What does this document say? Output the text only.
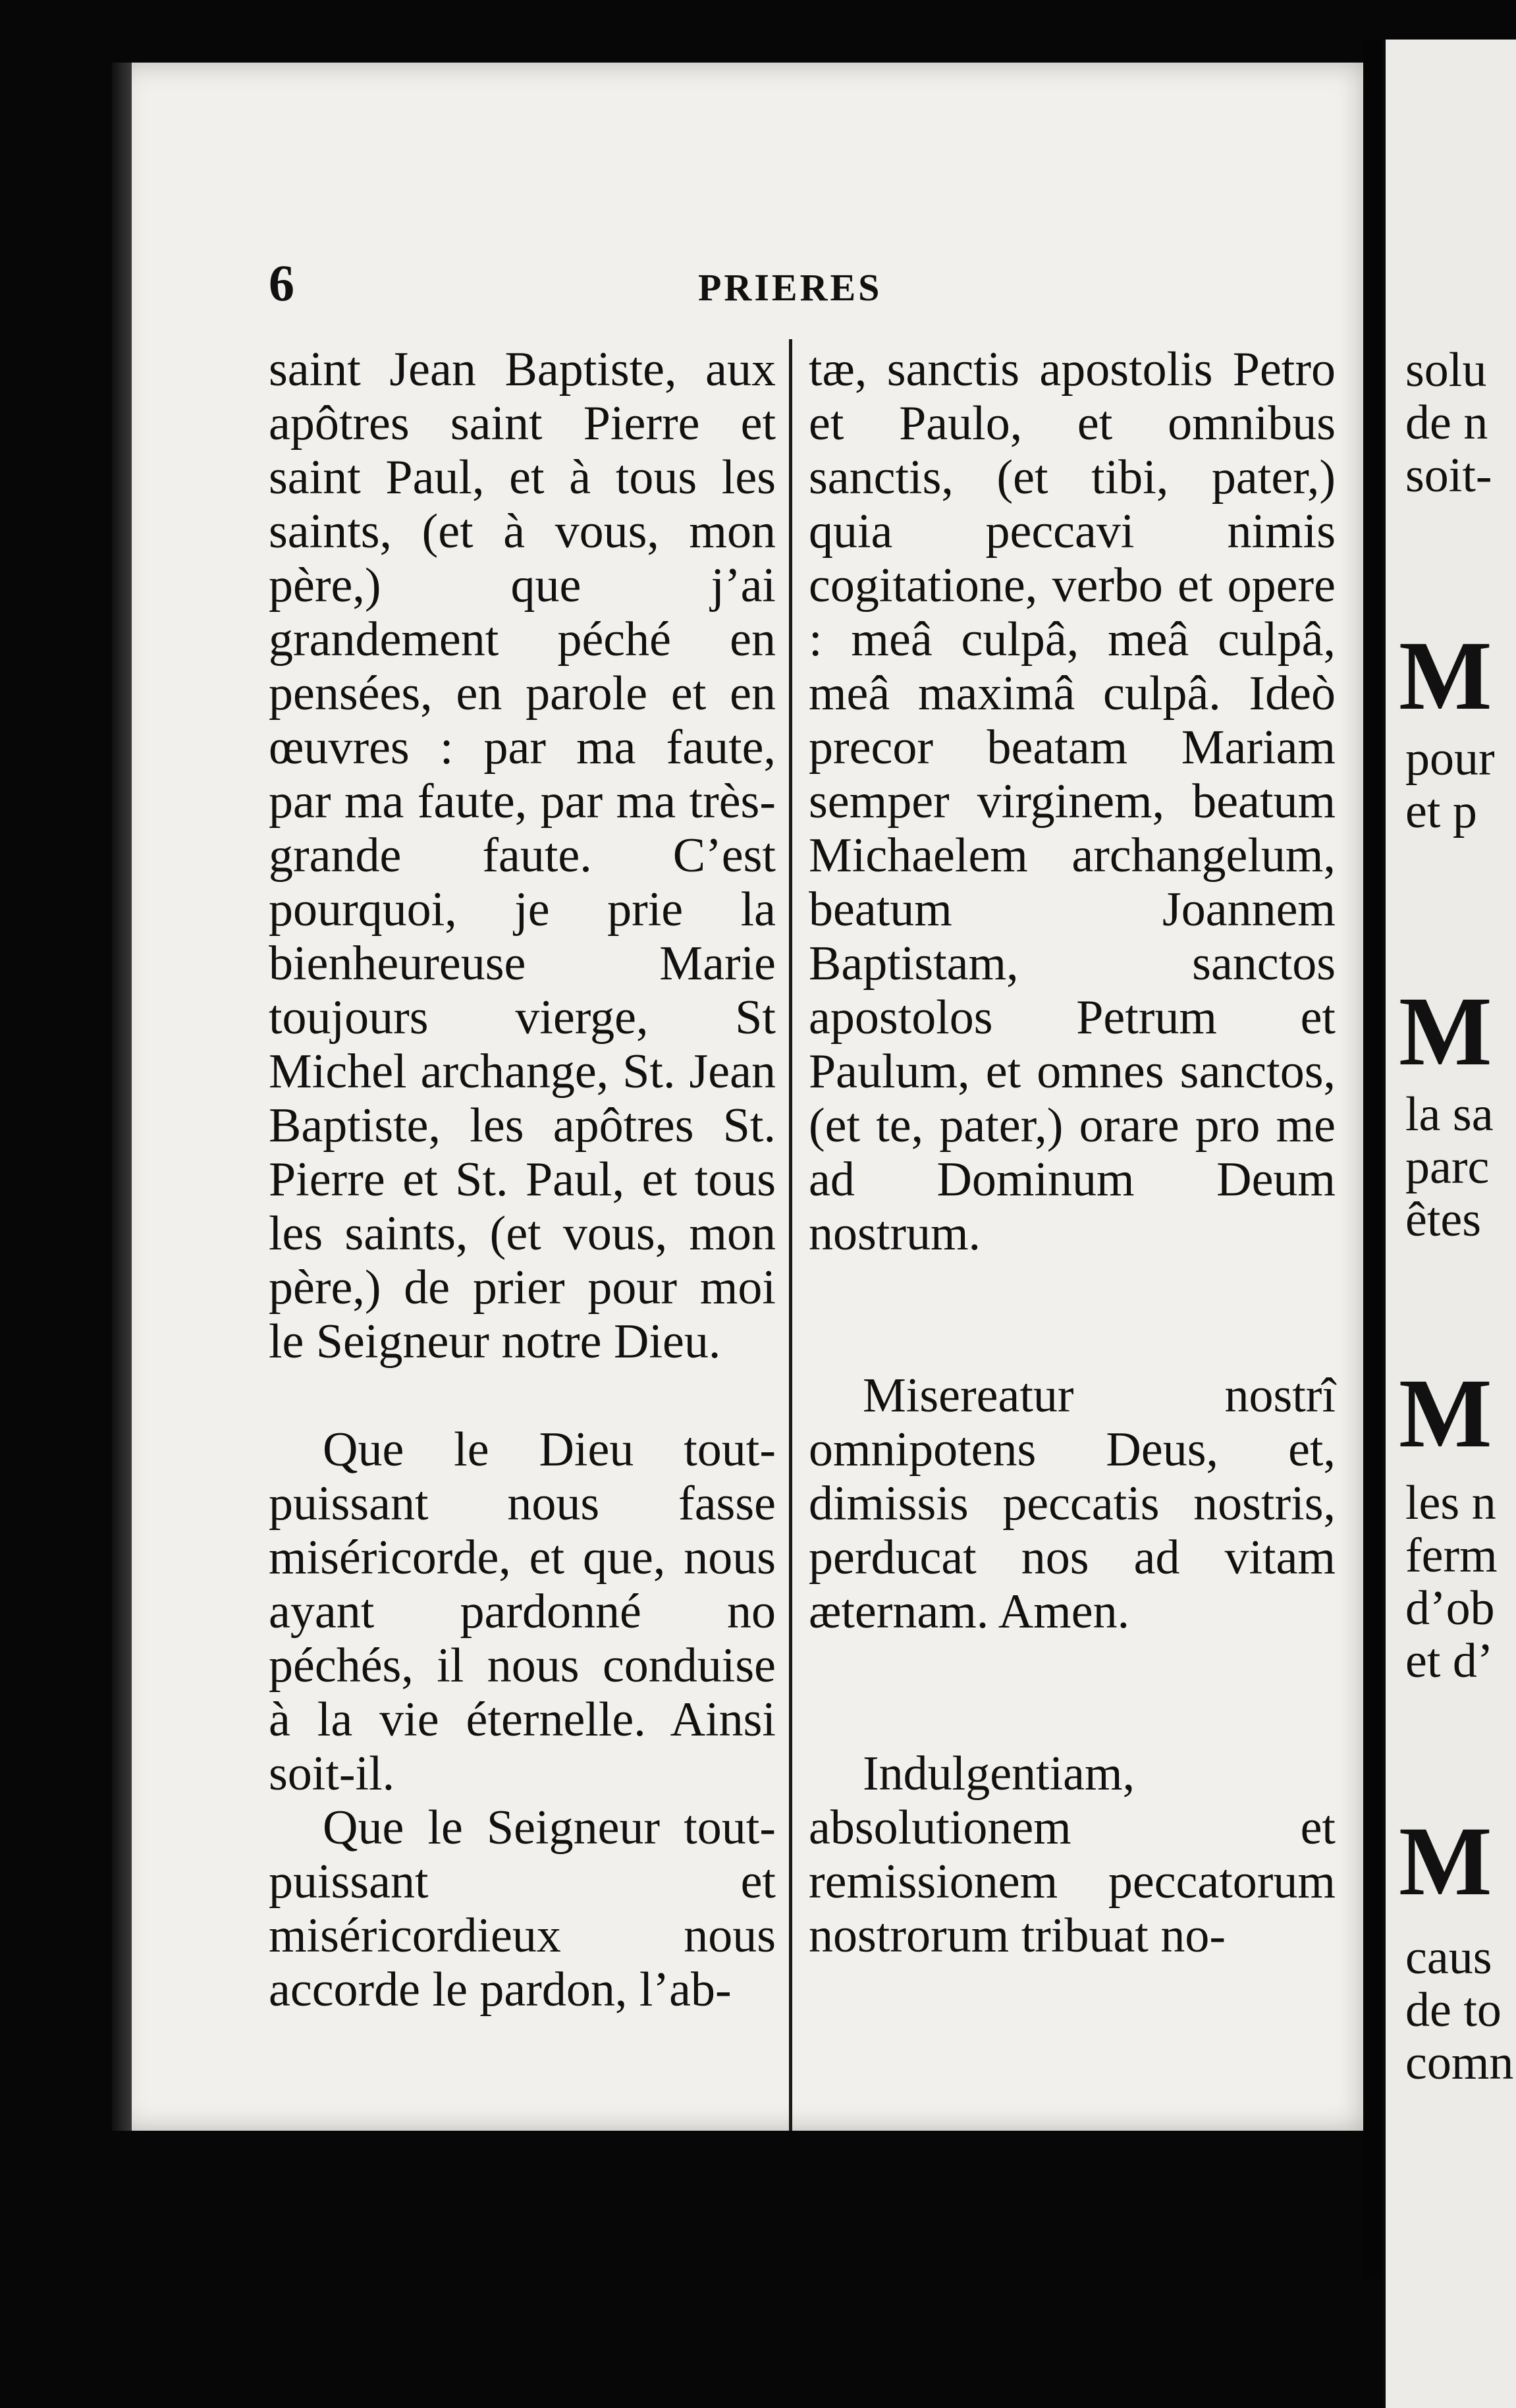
6	PRIERES

saint Jean Baptiste, aux apôtres saint Pierre et saint Paul, et à tous les saints, (et à vous, mon père,) que j’ai grandement péché en pensées, en parole et en œuvres : par ma faute, par ma faute, par ma très-grande faute. C’est pourquoi, je prie la bienheureuse Marie toujours vierge, St Michel archange, St. Jean Baptiste, les apôtres St. Pierre et St. Paul, et tous les saints, (et vous, mon père,) de prier pour moi le Seigneur notre Dieu.

Que le Dieu tout-puissant nous fasse miséricorde, et que, nous ayant pardonné no péchés, il nous conduise à la vie éternelle. Ainsi soit-il.

Que le Seigneur tout-puissant et miséricordieux nous accorde le pardon, l’ab-

tæ, sanctis apostolis Petro et Paulo, et omnibus sanctis, (et tibi, pater,) quia peccavi nimis cogitatione, verbo et opere : meâ culpâ, meâ culpâ, meâ maximâ culpâ. Ideò precor beatam Mariam semper virginem, beatum Michaelem archangelum, beatum Joannem Baptistam, sanctos apostolos Petrum et Paulum, et omnes sanctos, (et te, pater,) orare pro me ad Dominum Deum nostrum.

Misereatur nostrî omnipotens Deus, et, dimissis peccatis nostris, perducat nos ad vitam æternam. Amen.

Indulgentiam, absolutionem et remissionem peccatorum nostrorum tribuat no-

solu
de n
soit-
M
pour
et p
M
la sa
parc
êtes
M
les n
ferm
d’ob
et d’
M
caus
de to
comn
